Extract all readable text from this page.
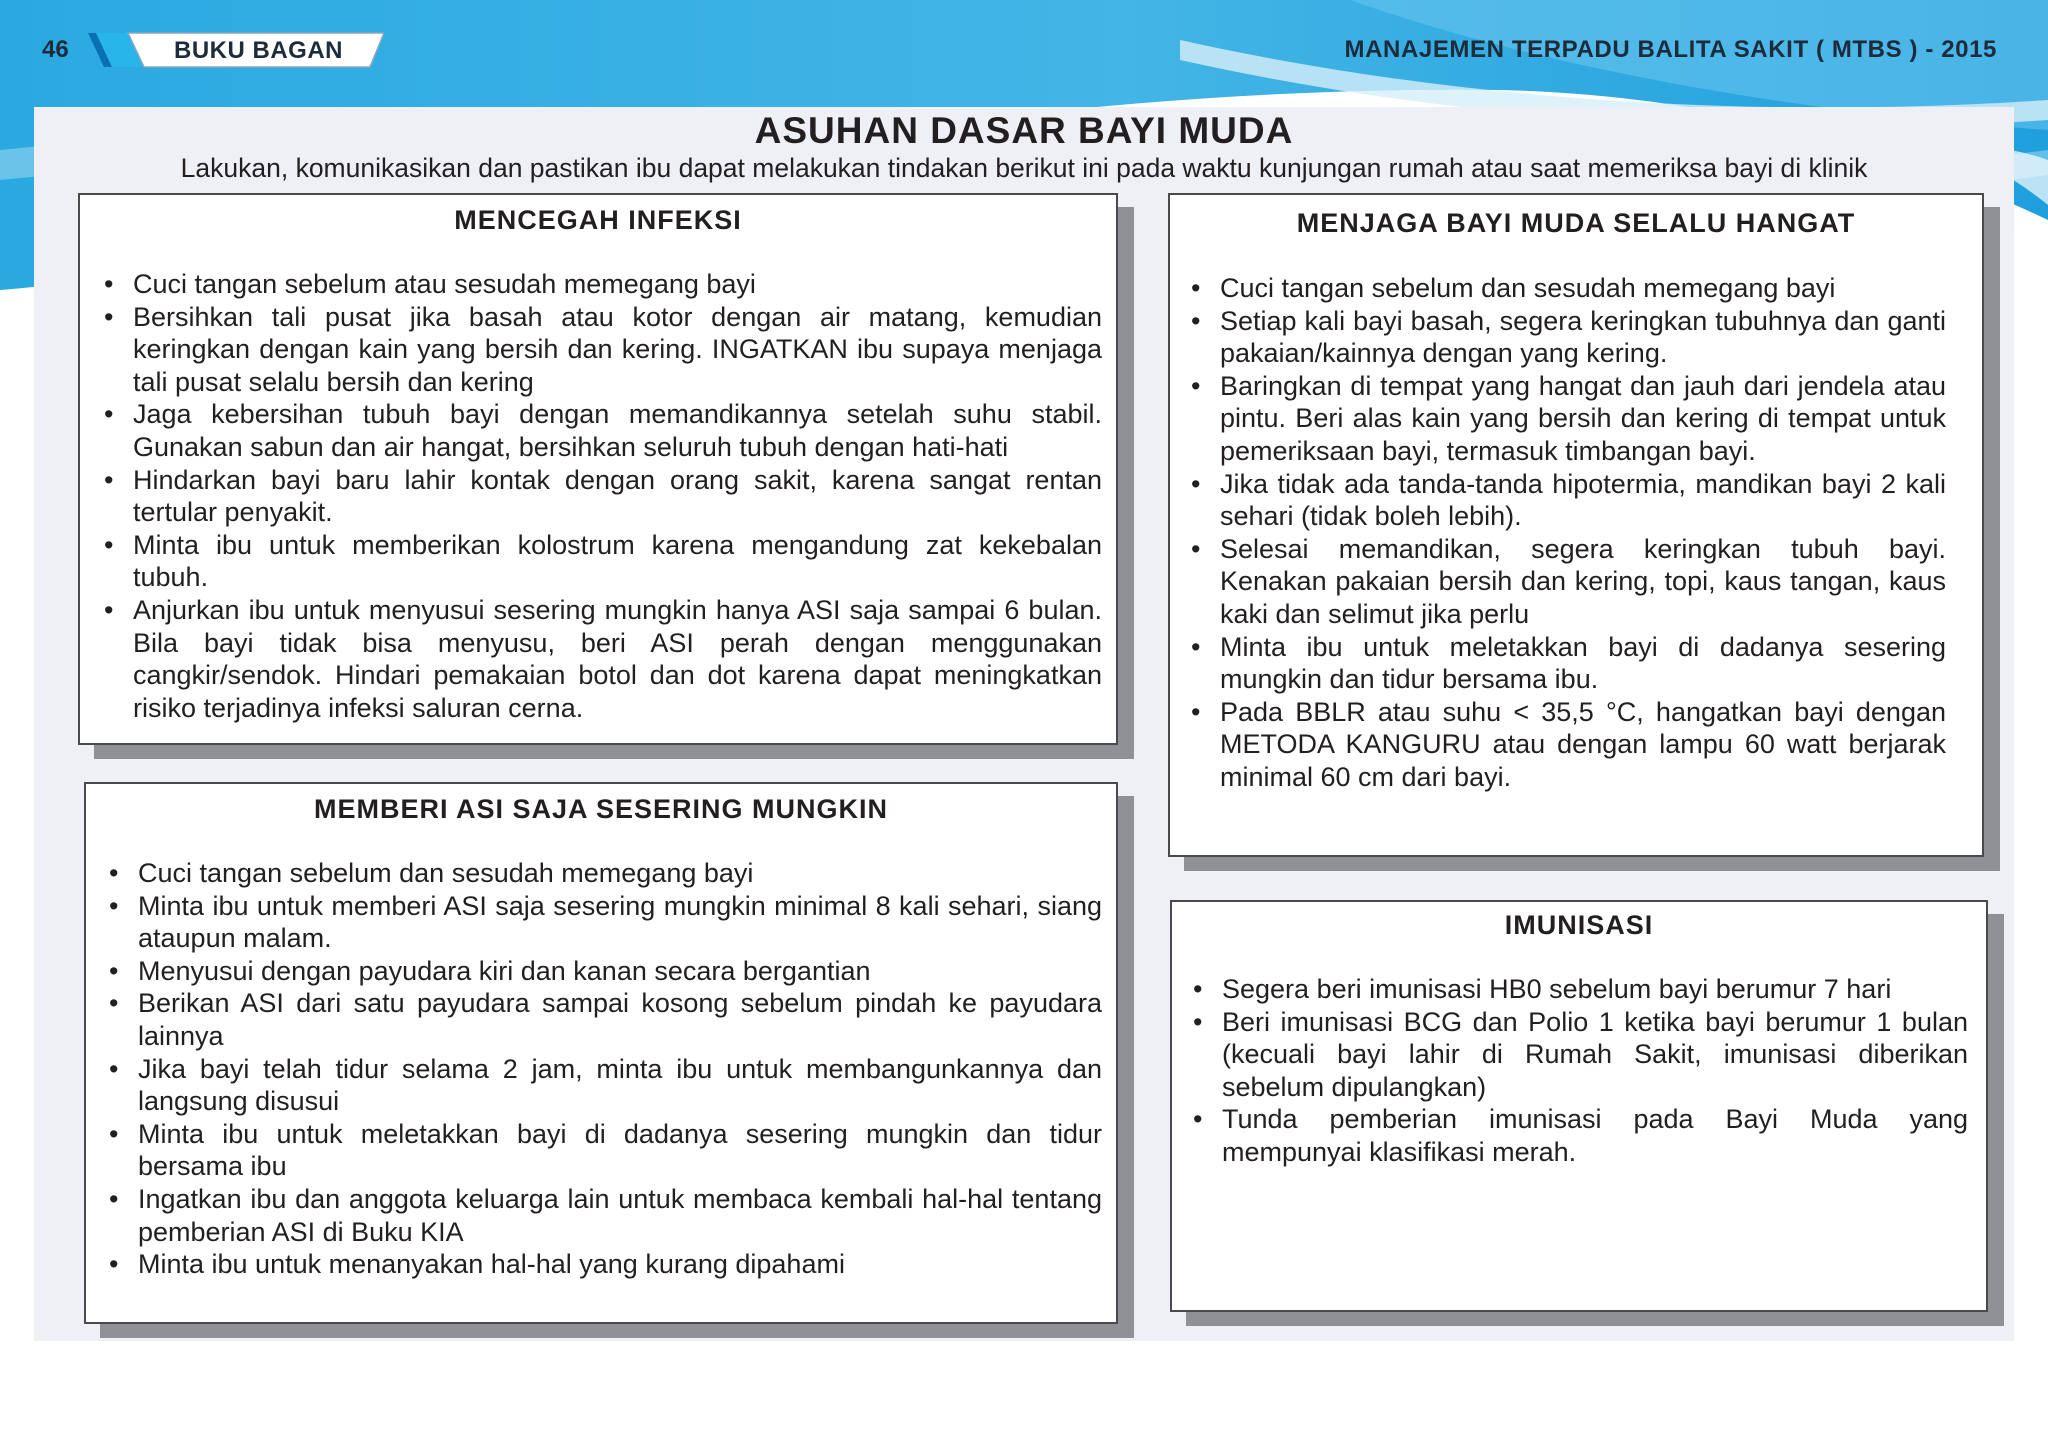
46	BUKU BAGAN	MANAJEMEN TERPADU BALITA SAKIT ( MTBS ) - 2015
ASUHAN DASAR BAYI MUDA

Lakukan, komunikasikan dan pastikan ibu dapat melakukan tindakan berikut ini pada waktu kunjungan rumah atau saat memeriksa bayi di klinik

MENCEGAH INFEKSI
• Cuci tangan sebelum atau sesudah memegang bayi
• Bersihkan tali pusat jika basah atau kotor dengan air matang, kemudian keringkan dengan kain yang bersih dan kering. INGATKAN ibu supaya menjaga tali pusat selalu bersih dan kering
• Jaga kebersihan tubuh bayi dengan memandikannya setelah suhu stabil. Gunakan sabun dan air hangat, bersihkan seluruh tubuh dengan hati-hati
• Hindarkan bayi baru lahir kontak dengan orang sakit, karena sangat rentan tertular penyakit.
• Minta ibu untuk memberikan kolostrum karena mengandung zat kekebalan tubuh.
• Anjurkan ibu untuk menyusui sesering mungkin hanya ASI saja sampai 6 bulan. Bila bayi tidak bisa menyusu, beri ASI perah dengan menggunakan cangkir/sendok. Hindari pemakaian botol dan dot karena dapat meningkatkan risiko terjadinya infeksi saluran cerna.
MEMBERI ASI SAJA SESERING MUNGKIN
• Cuci tangan sebelum dan sesudah memegang bayi
• Minta ibu untuk memberi ASI saja sesering mungkin minimal 8 kali sehari, siang ataupun malam.
• Menyusui dengan payudara kiri dan kanan secara bergantian
• Berikan ASI dari satu payudara sampai kosong sebelum pindah ke payudara lainnya
• Jika bayi telah tidur selama 2 jam, minta ibu untuk membangunkannya dan langsung disusui
• Minta ibu untuk meletakkan bayi di dadanya sesering mungkin dan tidur bersama ibu
• Ingatkan ibu dan anggota keluarga lain untuk membaca kembali hal-hal tentang pemberian ASI di Buku KIA
• Minta ibu untuk menanyakan hal-hal yang kurang dipahami
MENJAGA BAYI MUDA SELALU HANGAT
• Cuci tangan sebelum dan sesudah memegang bayi
• Setiap kali bayi basah, segera keringkan tubuhnya dan ganti pakaian/kainnya dengan yang kering.
• Baringkan di tempat yang hangat dan jauh dari jendela atau pintu. Beri alas kain yang bersih dan kering di tempat untuk pemeriksaan bayi, termasuk timbangan bayi.
• Jika tidak ada tanda-tanda hipotermia, mandikan bayi 2 kali sehari (tidak boleh lebih).
• Selesai memandikan, segera keringkan tubuh bayi. Kenakan pakaian bersih dan kering, topi, kaus tangan, kaus kaki dan selimut jika perlu
• Minta ibu untuk meletakkan bayi di dadanya sesering mungkin dan tidur bersama ibu.
• Pada BBLR atau suhu < 35,5 °C, hangatkan bayi dengan METODA KANGURU atau dengan lampu 60 watt berjarak minimal 60 cm dari bayi.
IMUNISASI
• Segera beri imunisasi HB0 sebelum bayi berumur 7 hari
• Beri imunisasi BCG dan Polio 1 ketika bayi berumur 1 bulan (kecuali bayi lahir di Rumah Sakit, imunisasi diberikan sebelum dipulangkan)
• Tunda pemberian imunisasi pada Bayi Muda yang mempunyai klasifikasi merah.
